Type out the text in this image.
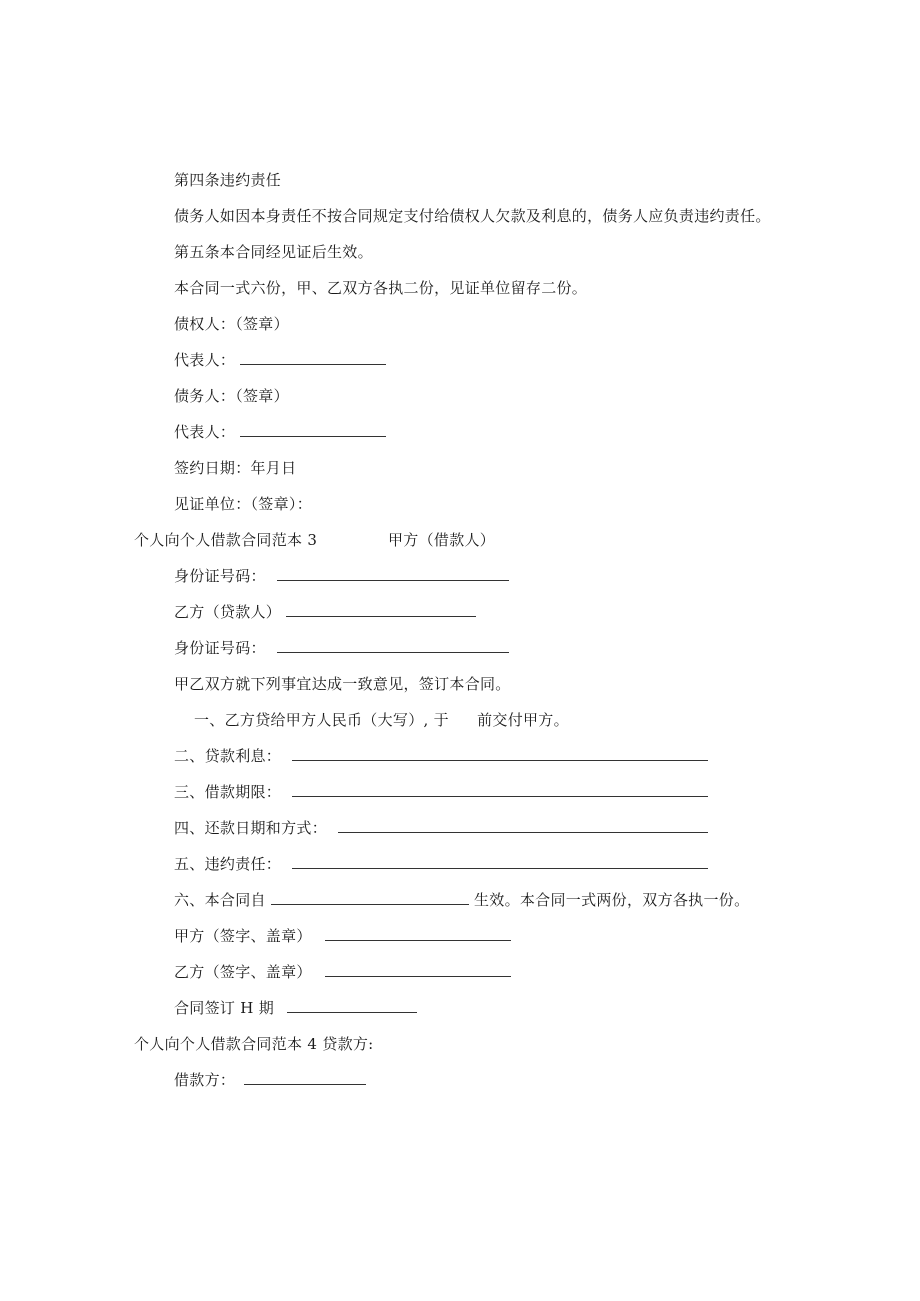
第四条违约责任
债务人如因本身责任不按合同规定支付给债权人欠款及利息的，债务人应负责违约责任。
第五条本合同经见证后生效。
本合同一式六份，甲、乙双方各执二份，见证单位留存二份。
债权人：（签章）
代表人：
债务人：（签章）
代表人：
签约日期：年月日
见证单位：（签章）：
个人向个人借款合同范本 3	甲方（借款人）
身份证号码：
乙方（贷款人）
身份证号码：
甲乙双方就下列事宜达成一致意见，签订本合同。
一、乙方贷给甲方人民币（大写）, 于 前交付甲方。
二、贷款利息：
三、借款期限：
四、还款日期和方式：
五、违约责任：
六、本合同自	生效。本合同一式两份，双方各执一份。
甲方（签字、盖章）
乙方（签字、盖章）
合同签订 H 期
个人向个人借款合同范本 4 贷款方:
借款方：
